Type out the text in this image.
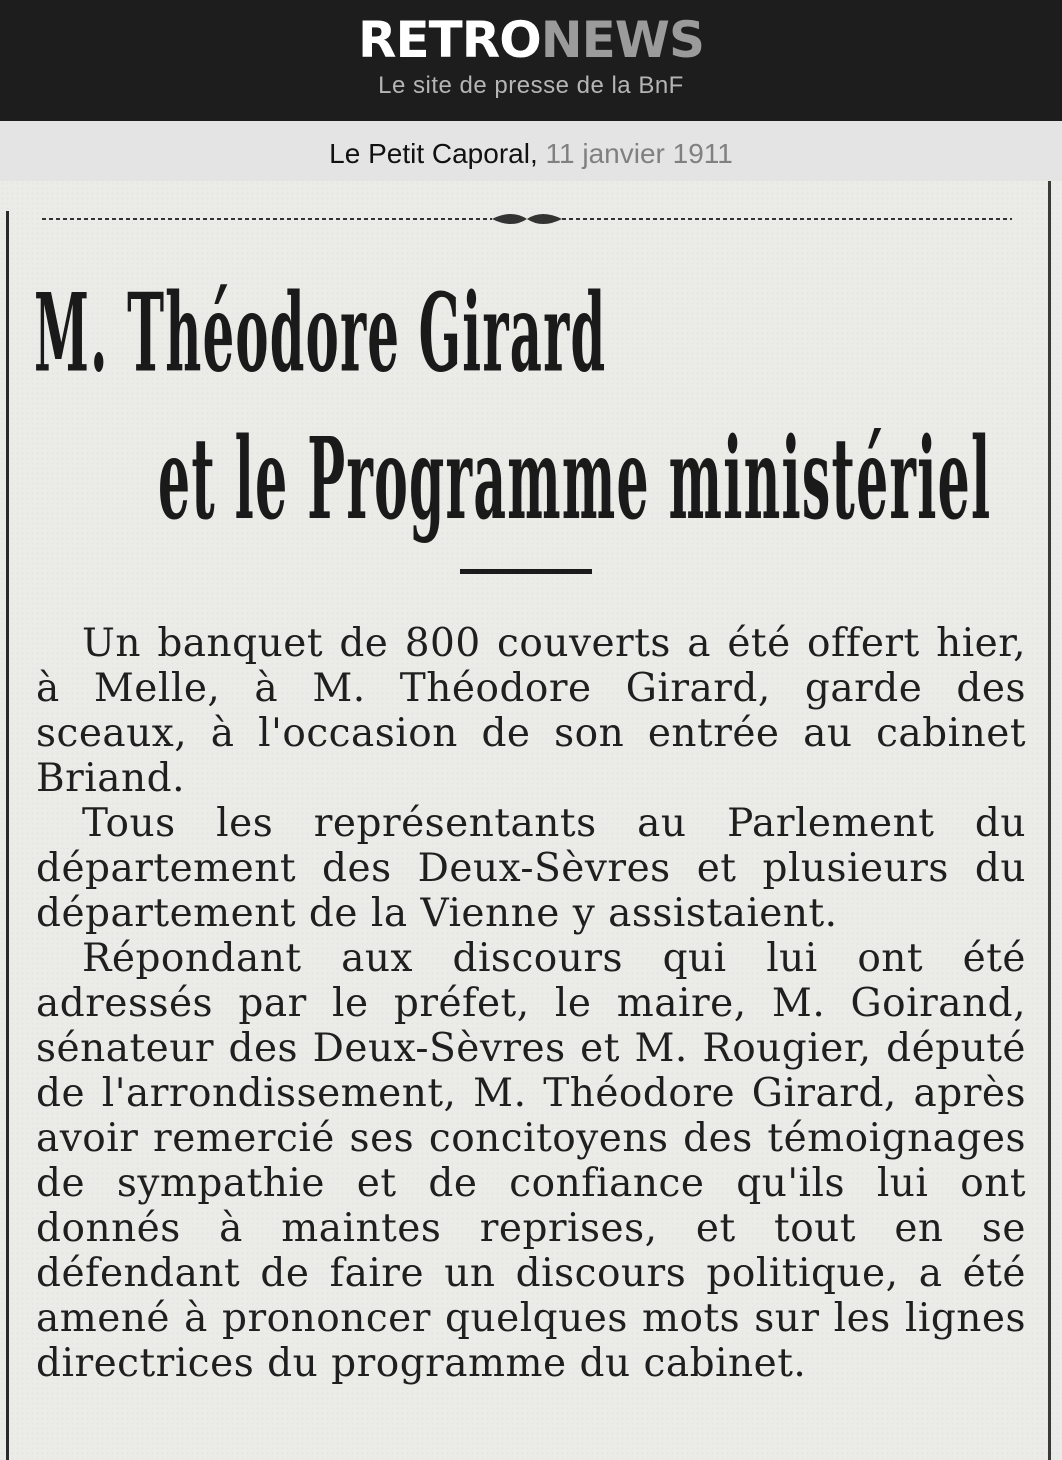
RETRONEWS
Le site de presse de la BnF
Le Petit Caporal, 11 janvier 1911
M. Théodore Girard
et le Programme ministériel

Un banquet de 800 couverts a été offert hier, à Melle, à M. Théodore Girard, garde des sceaux, à l'occasion de son entrée au cabinet Briand.

Tous les représentants au Parlement du département des Deux-Sèvres et plusieurs du département de la Vienne y assistaient.

Répondant aux discours qui lui ont été adressés par le préfet, le maire, M. Goirand, sénateur des Deux-Sèvres et M. Rougier, député de l'arrondissement, M. Théodore Girard, après avoir remercié ses concitoyens des témoignages de sympathie et de confiance qu'ils lui ont donnés à maintes reprises, et tout en se défendant de faire un discours politique, a été amené à prononcer quelques mots sur les lignes directrices du programme du cabinet.
